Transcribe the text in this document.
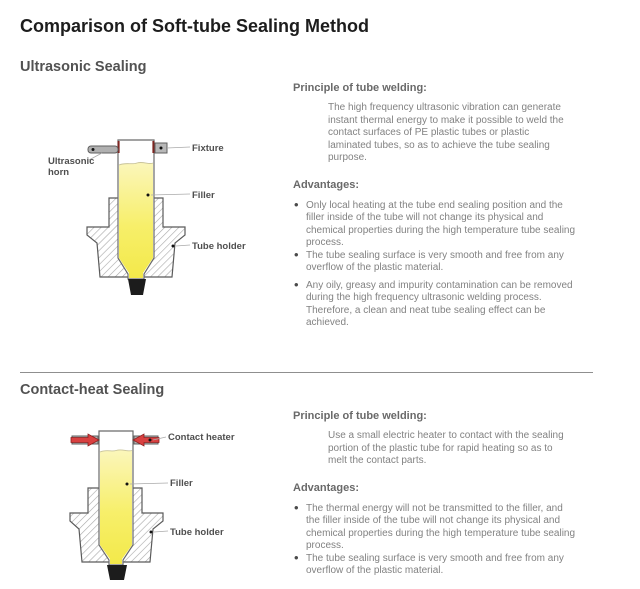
Comparison of Soft-tube Sealing Method
Ultrasonic Sealing
Fixture
Ultrasonic
horn
Filler
Tube holder
Principle of tube welding:
The high frequency ultrasonic vibration can generate instant thermal energy to make it possible to weld the contact surfaces of PE plastic tubes or plastic laminated tubes, so as to achieve the tube sealing purpose.
Advantages:
• Only local heating at the tube end sealing position and the filler inside of the tube will not change its physical and chemical properties during the high temperature tube sealing process.
• The tube sealing surface is very smooth and free from any overflow of the plastic material.
• Any oily, greasy and impurity contamination can be removed during the high frequency ultrasonic welding process. Therefore, a clean and neat tube sealing effect can be achieved.
Contact-heat Sealing
Contact heater
Filler
Tube holder
Principle of tube welding:
Use a small electric heater to contact with the sealing portion of the plastic tube for rapid heating so as to melt the contact parts.
Advantages:
• The thermal energy will not be transmitted to the filler, and the filler inside of the tube will not change its physical and chemical properties during the high temperature tube sealing process.
• The tube sealing surface is very smooth and free from any overflow of the plastic material.
